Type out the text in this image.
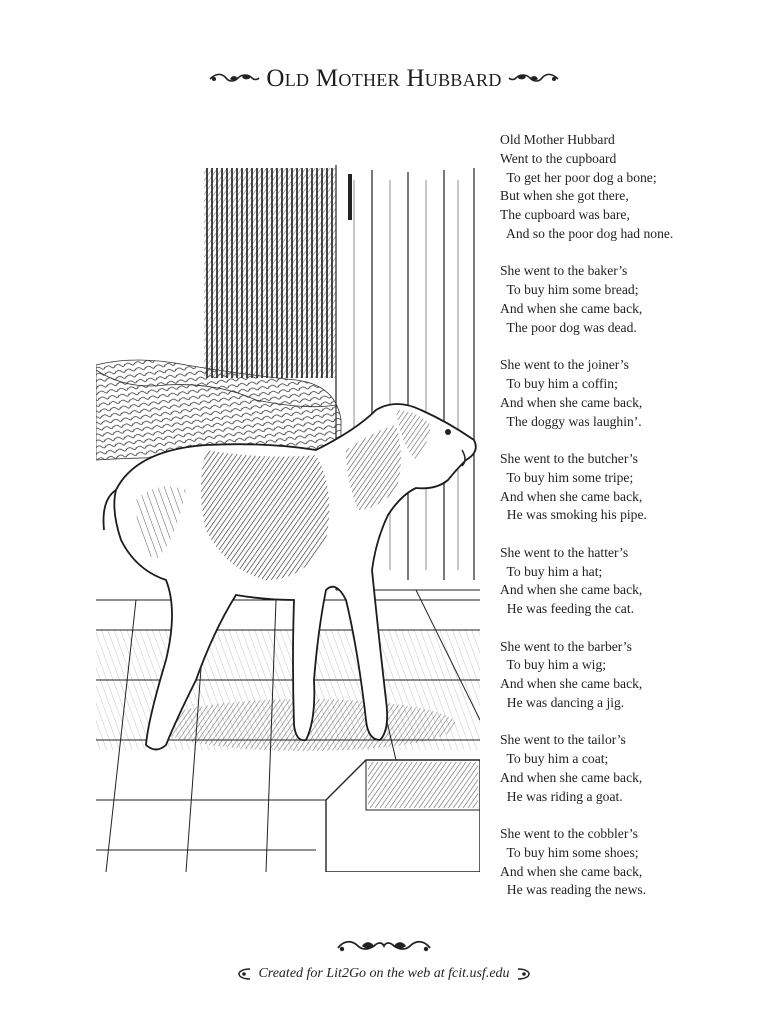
Old Mother Hubbard
Old Mother Hubbard
Went to the cupboard
To get her poor dog a bone;
But when she got there,
The cupboard was bare,
And so the poor dog had none.
She went to the baker’s
To buy him some bread;
And when she came back,
The poor dog was dead.
She went to the joiner’s
To buy him a coffin;
And when she came back,
The doggy was laughin’.
She went to the butcher’s
To buy him some tripe;
And when she came back,
He was smoking his pipe.
She went to the hatter’s
To buy him a hat;
And when she came back,
He was feeding the cat.
She went to the barber’s
To buy him a wig;
And when she came back,
He was dancing a jig.
She went to the tailor’s
To buy him a coat;
And when she came back,
He was riding a goat.
She went to the cobbler’s
To buy him some shoes;
And when she came back,
He was reading the news.
Created for Lit2Go on the web at fcit.usf.edu
